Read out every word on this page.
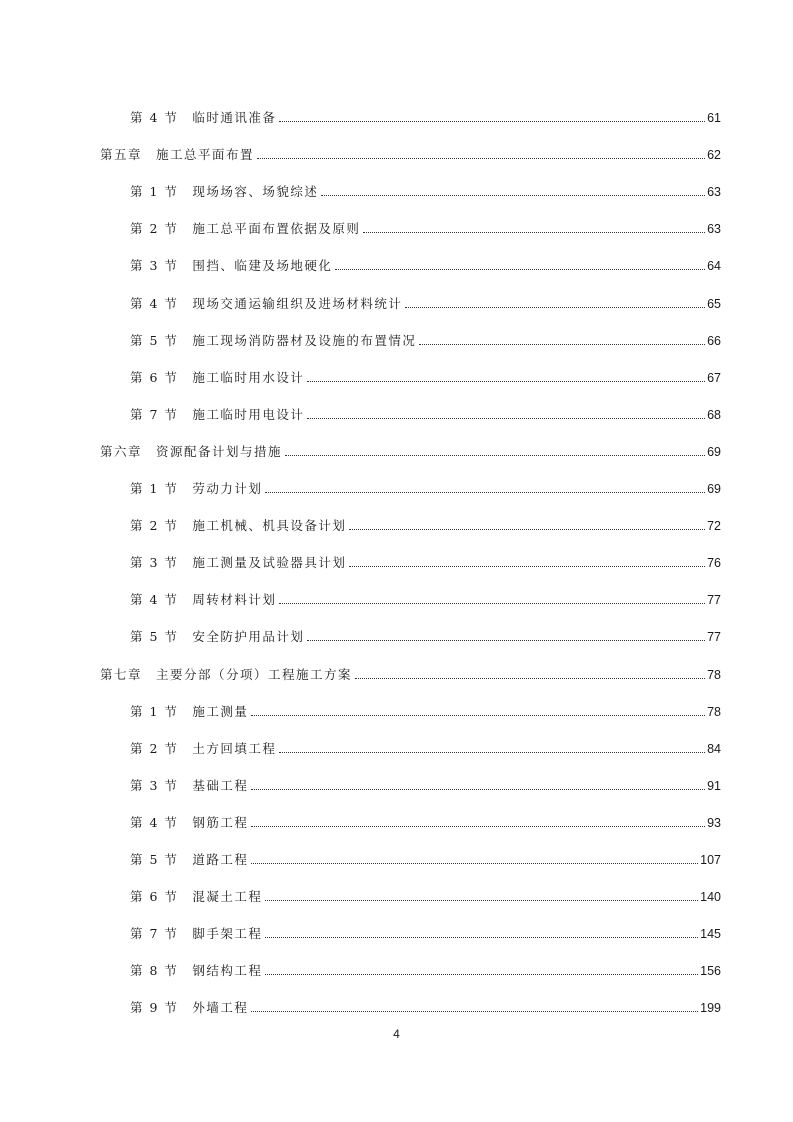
第 4 节 临时通讯准备	61
第五章 施工总平面布置	62
第 1 节 现场场容、场貌综述	63
第 2 节 施工总平面布置依据及原则	63
第 3 节 围挡、临建及场地硬化	64
第 4 节 现场交通运输组织及进场材料统计	65
第 5 节 施工现场消防器材及设施的布置情况	66
第 6 节 施工临时用水设计	67
第 7 节 施工临时用电设计	68
第六章 资源配备计划与措施	69
第 1 节 劳动力计划	69
第 2 节 施工机械、机具设备计划	72
第 3 节 施工测量及试验器具计划	76
第 4 节 周转材料计划	77
第 5 节 安全防护用品计划	77
第七章 主要分部（分项）工程施工方案	78
第 1 节 施工测量	78
第 2 节 土方回填工程	84
第 3 节 基础工程	91
第 4 节 钢筋工程	93
第 5 节 道路工程	107
第 6 节 混凝土工程	140
第 7 节 脚手架工程	145
第 8 节 钢结构工程	156
第 9 节 外墙工程	199
4
